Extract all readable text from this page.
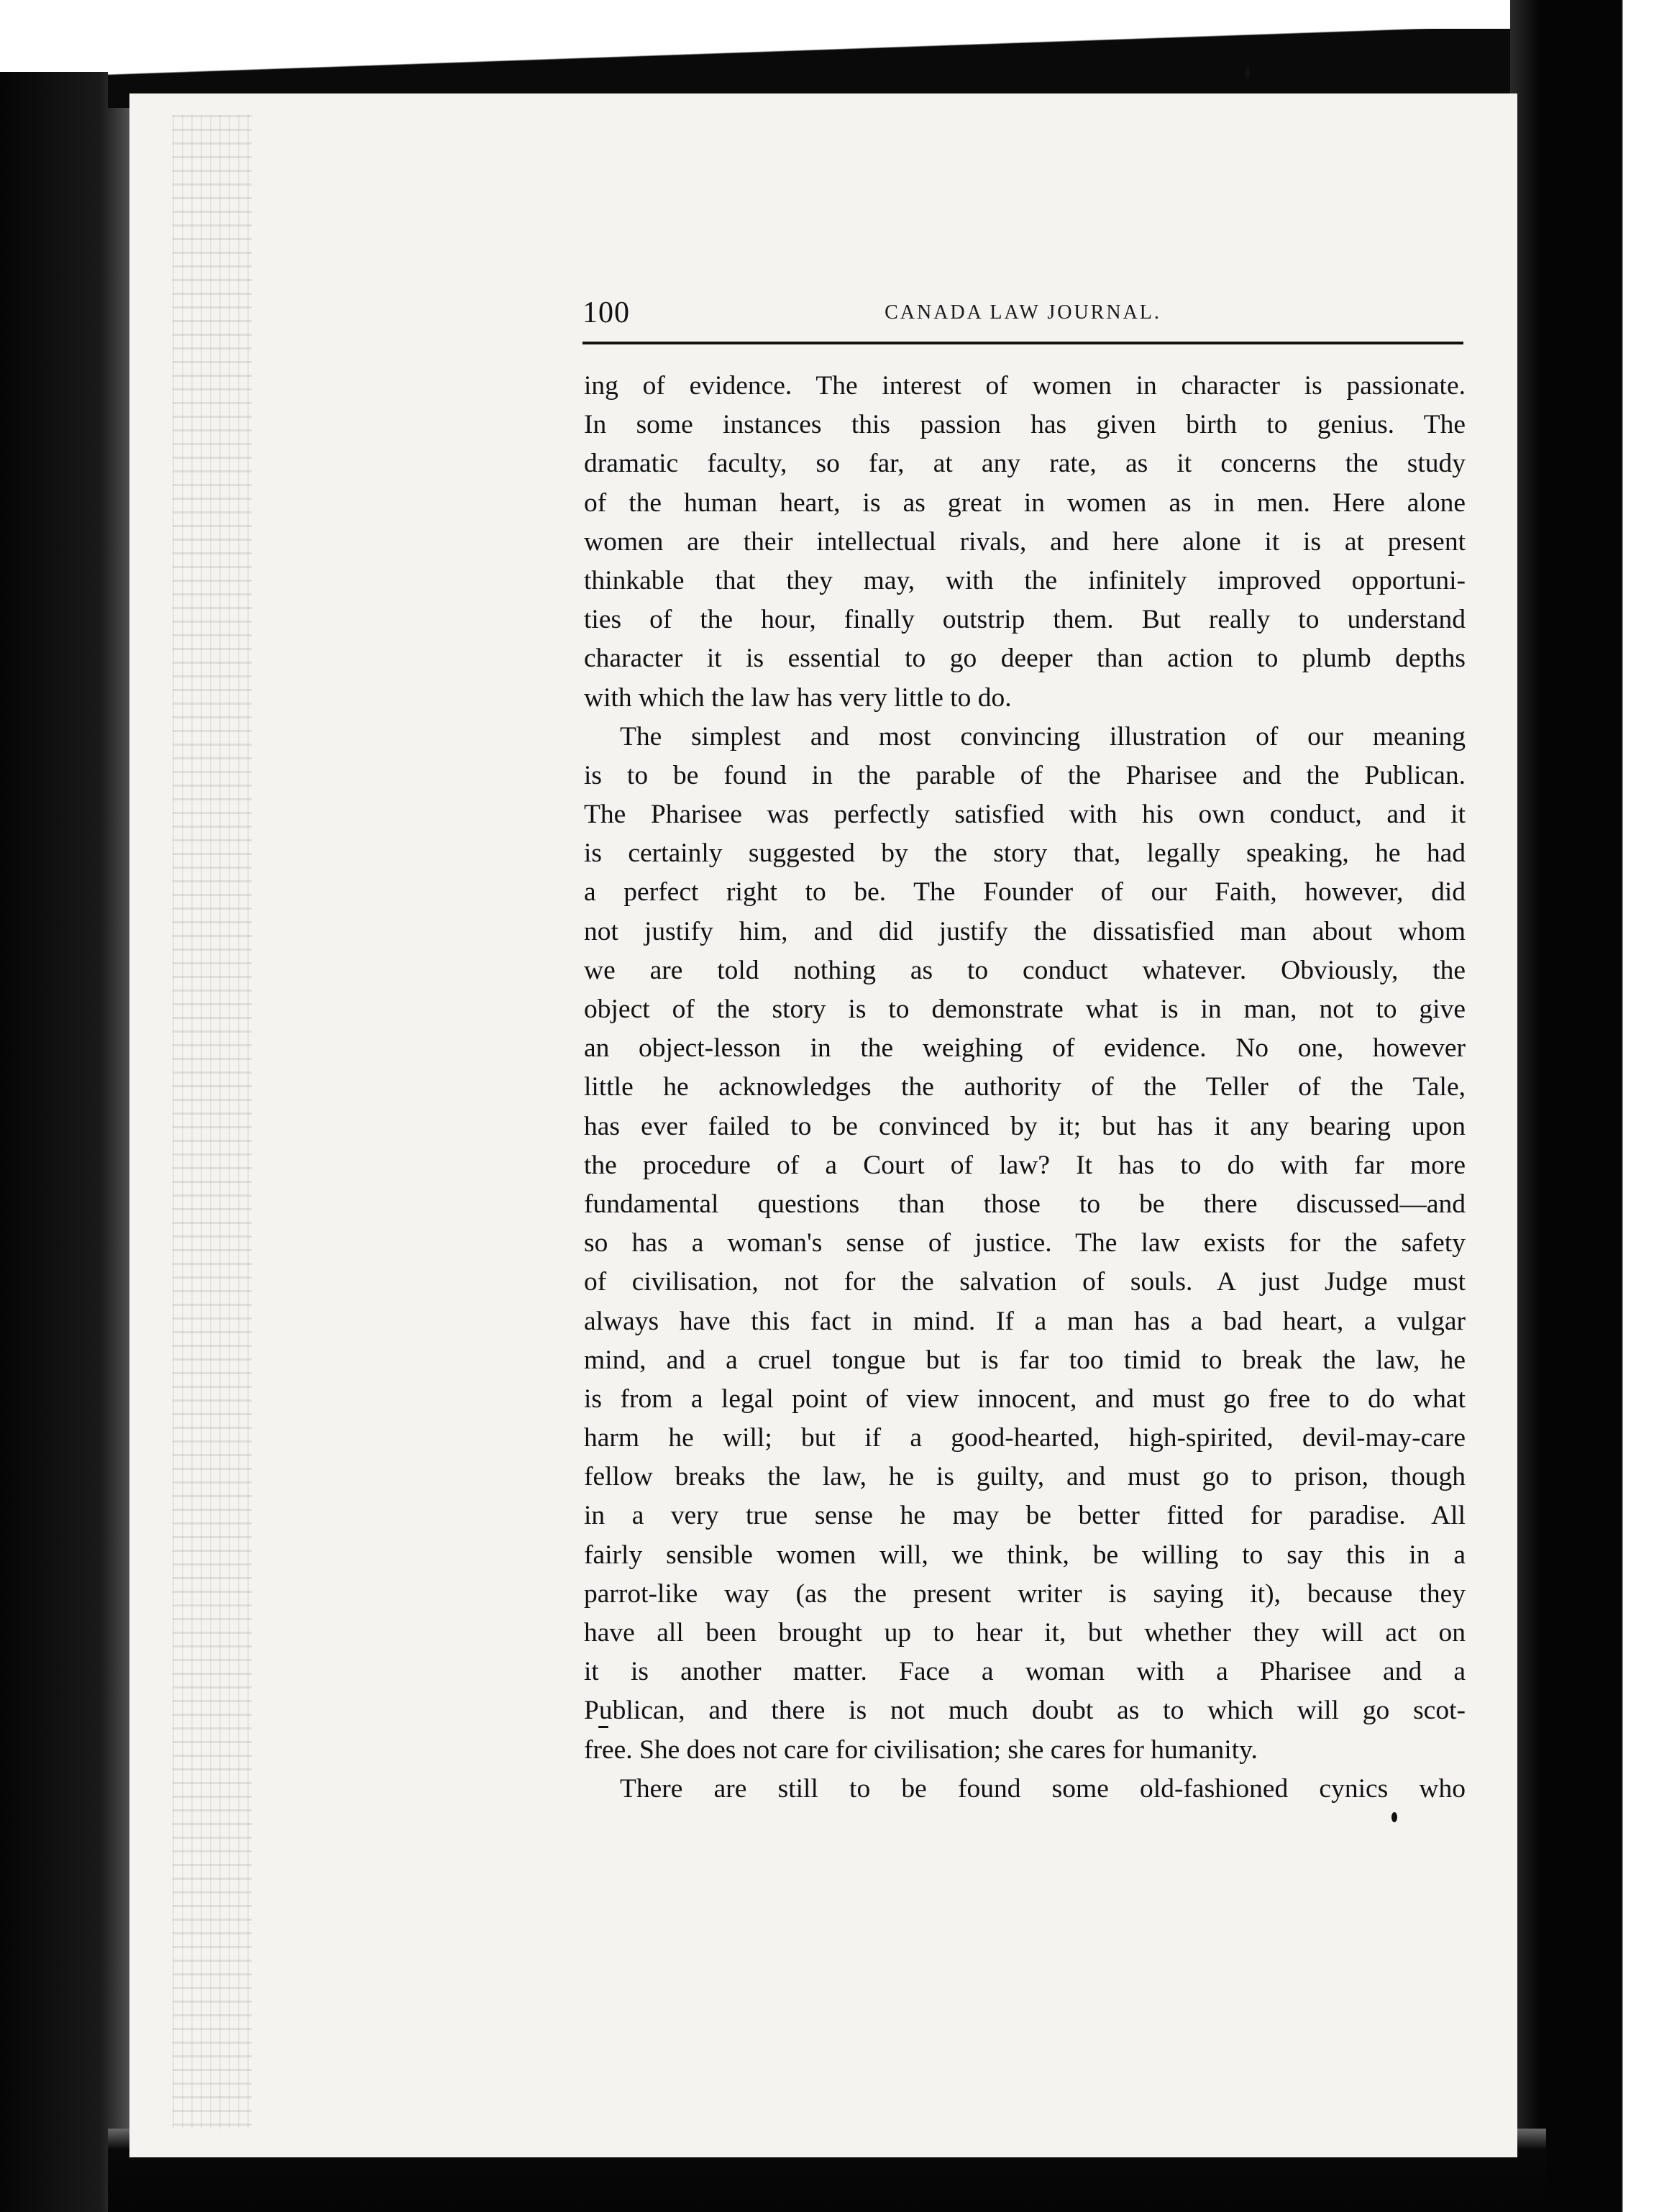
100	CANADA LAW JOURNAL.
ing of evidence. The interest of women in character is passionate.
In some instances this passion has given birth to genius. The
dramatic faculty, so far, at any rate, as it concerns the study
of the human heart, is as great in women as in men. Here alone
women are their intellectual rivals, and here alone it is at present
thinkable that they may, with the infinitely improved opportuni-
ties of the hour, finally outstrip them. But really to understand
character it is essential to go deeper than action to plumb depths
with which the law has very little to do.
The simplest and most convincing illustration of our meaning
is to be found in the parable of the Pharisee and the Publican.
The Pharisee was perfectly satisfied with his own conduct, and it
is certainly suggested by the story that, legally speaking, he had
a perfect right to be. The Founder of our Faith, however, did
not justify him, and did justify the dissatisfied man about whom
we are told nothing as to conduct whatever. Obviously, the
object of the story is to demonstrate what is in man, not to give
an object-lesson in the weighing of evidence. No one, however
little he acknowledges the authority of the Teller of the Tale,
has ever failed to be convinced by it; but has it any bearing upon
the procedure of a Court of law? It has to do with far more
fundamental questions than those to be there discussed—and
so has a woman's sense of justice. The law exists for the safety
of civilisation, not for the salvation of souls. A just Judge must
always have this fact in mind. If a man has a bad heart, a vulgar
mind, and a cruel tongue but is far too timid to break the law, he
is from a legal point of view innocent, and must go free to do what
harm he will; but if a good-hearted, high-spirited, devil-may-care
fellow breaks the law, he is guilty, and must go to prison, though
in a very true sense he may be better fitted for paradise. All
fairly sensible women will, we think, be willing to say this in a
parrot-like way (as the present writer is saying it), because they
have all been brought up to hear it, but whether they will act on
it is another matter. Face a woman with a Pharisee and a
Publican, and there is not much doubt as to which will go scot-
free. She does not care for civilisation; she cares for humanity.
There are still to be found some old-fashioned cynics who
